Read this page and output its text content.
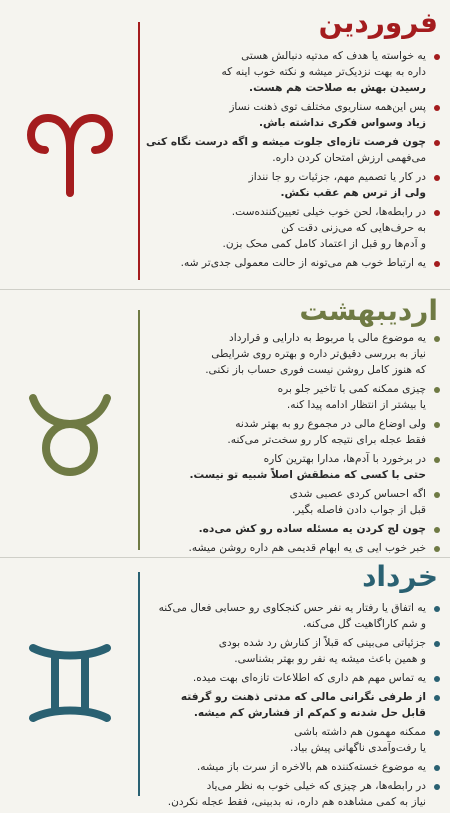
فروردین
یه خواسته یا هدف که مدتیه دنبالش هستی
داره به بهت نزدیک‌تر میشه و نکته خوب اینه که
رسیدن بهش به صلاحت هم هست.
پس این‌همه سناریوی مختلف توی ذهنت نساز
زیاد وسواس فکری نداشته باش.
چون فرصت تازه‌ای جلوت میشه و اگه درست نگاه کنی
می‌فهمی ارزش امتحان کردن داره.
در کار یا تصمیم مهم، جزئیات رو جا ننداز
ولی از ترس هم عقب نکش.
در رابطه‌ها، لحن خوب خیلی تعیین‌کننده‌ست.
به حرف‌هایی که می‌زنی دقت کن
و آدم‌ها رو قبل از اعتماد کامل کمی محک بزن.
یه ارتباط خوب هم می‌تونه از حالت معمولی جدی‌تر شه.
اردیبهشت
یه موضوع مالی یا مربوط به دارایی و قرارداد
نیاز به بررسی دقیق‌تر داره و بهتره روی شرایطی
که هنوز کامل روشن نیست فوری حساب باز نکنی.
چیزی ممکنه کمی با تاخیر جلو بره
یا بیشتر از انتظار ادامه پیدا کنه.
ولی اوضاع مالی در مجموع رو به بهتر شدنه
فقط عجله برای نتیجه کار رو سخت‌تر می‌کنه.
در برخورد با آدم‌ها، مدارا بهترین کاره
حتی با کسی که منطقش اصلاً شبیه تو نیست.
اگه احساس کردی عصبی شدی
قبل از جواب دادن فاصله بگیر.
چون لج کردن یه مسئله ساده رو کش می‌ده.
خبر خوب ایی ی یه ابهام قدیمی هم داره روشن میشه.
خرداد
یه اتفاق یا رفتار یه نفر حس کنجکاوی رو حسابی فعال می‌کنه
و شم کاراگاهیت گل می‌کنه.
جزئیاتی می‌بینی که قبلاً از کنارش رد شده بودی
و همین باعث میشه یه نفر رو بهتر بشناسی.
یه تماس مهم هم داری که اطلاعات تازه‌ای بهت میده.
از طرفی نگرانی مالی که مدتی ذهنت رو گرفته
قابل حل شدنه و کم‌کم از فشارش کم میشه.
ممکنه مهمون هم داشته باشی
یا رفت‌وآمدی ناگهانی پیش بیاد.
یه موضوع خسته‌کننده هم بالاخره از سرت باز میشه.
در رابطه‌ها، هر چیزی که خیلی خوب به نظر می‌یاد
نیاز به کمی مشاهده هم داره، نه بدبینی، فقط عجله نکردن.
